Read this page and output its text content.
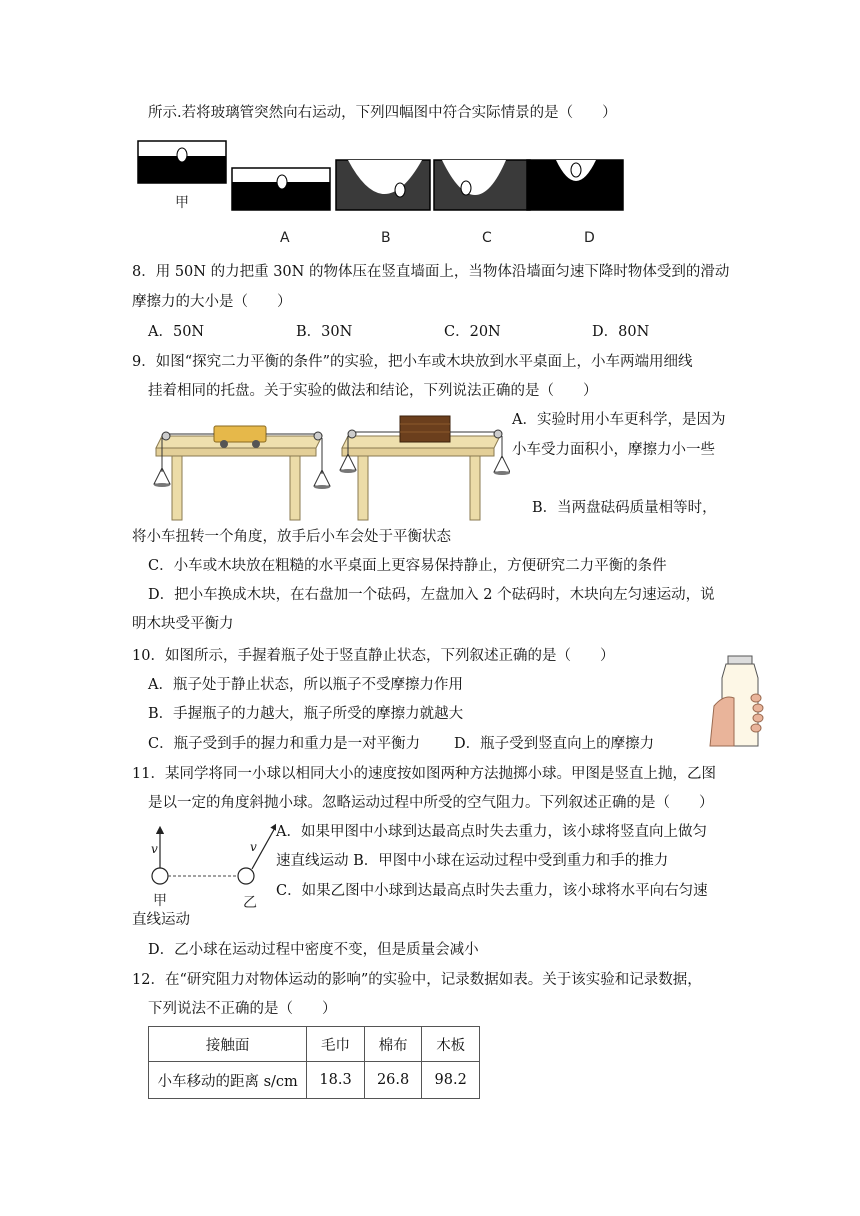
所示.若将玻璃管突然向右运动，下列四幅图中符合实际情景的是（　　）
甲
A	B	C	D
8．用 50N 的力把重 30N 的物体压在竖直墙面上，当物体沿墙面匀速下降时物体受到的滑动
摩擦力的大小是（　　）
A．50N	B．30N	C．20N	D．80N
9．如图“探究二力平衡的条件”的实验，把小车或木块放到水平桌面上，小车两端用细线
挂着相同的托盘。关于实验的做法和结论，下列说法正确的是（　　）
A．实验时用小车更科学，是因为
小车受力面积小，摩擦力小一些
B．当两盘砝码质量相等时，
将小车扭转一个角度，放手后小车会处于平衡状态
C．小车或木块放在粗糙的水平桌面上更容易保持静止，方便研究二力平衡的条件
D．把小车换成木块，在右盘加一个砝码，左盘加入 2 个砝码时，木块向左匀速运动，说
明木块受平衡力
10．如图所示，手握着瓶子处于竖直静止状态，下列叙述正确的是（　　）
A．瓶子处于静止状态，所以瓶子不受摩擦力作用
B．手握瓶子的力越大，瓶子所受的摩擦力就越大
C．瓶子受到手的握力和重力是一对平衡力 D．瓶子受到竖直向上的摩擦力
11．某同学将同一小球以相同大小的速度按如图两种方法抛掷小球。甲图是竖直上抛，乙图
是以一定的角度斜抛小球。忽略运动过程中所受的空气阻力。下列叙述正确的是（　　）
v	v
甲	乙
A．如果甲图中小球到达最高点时失去重力，该小球将竖直向上做匀
速直线运动 B．甲图中小球在运动过程中受到重力和手的推力
C．如果乙图中小球到达最高点时失去重力，该小球将水平向右匀速
直线运动
D．乙小球在运动过程中密度不变，但是质量会减小
12．在“研究阻力对物体运动的影响”的实验中，记录数据如表。关于该实验和记录数据，
下列说法不正确的是（　　）
接触面	毛巾	棉布	木板
小车移动的距离 s/cm	18.3	26.8	98.2
